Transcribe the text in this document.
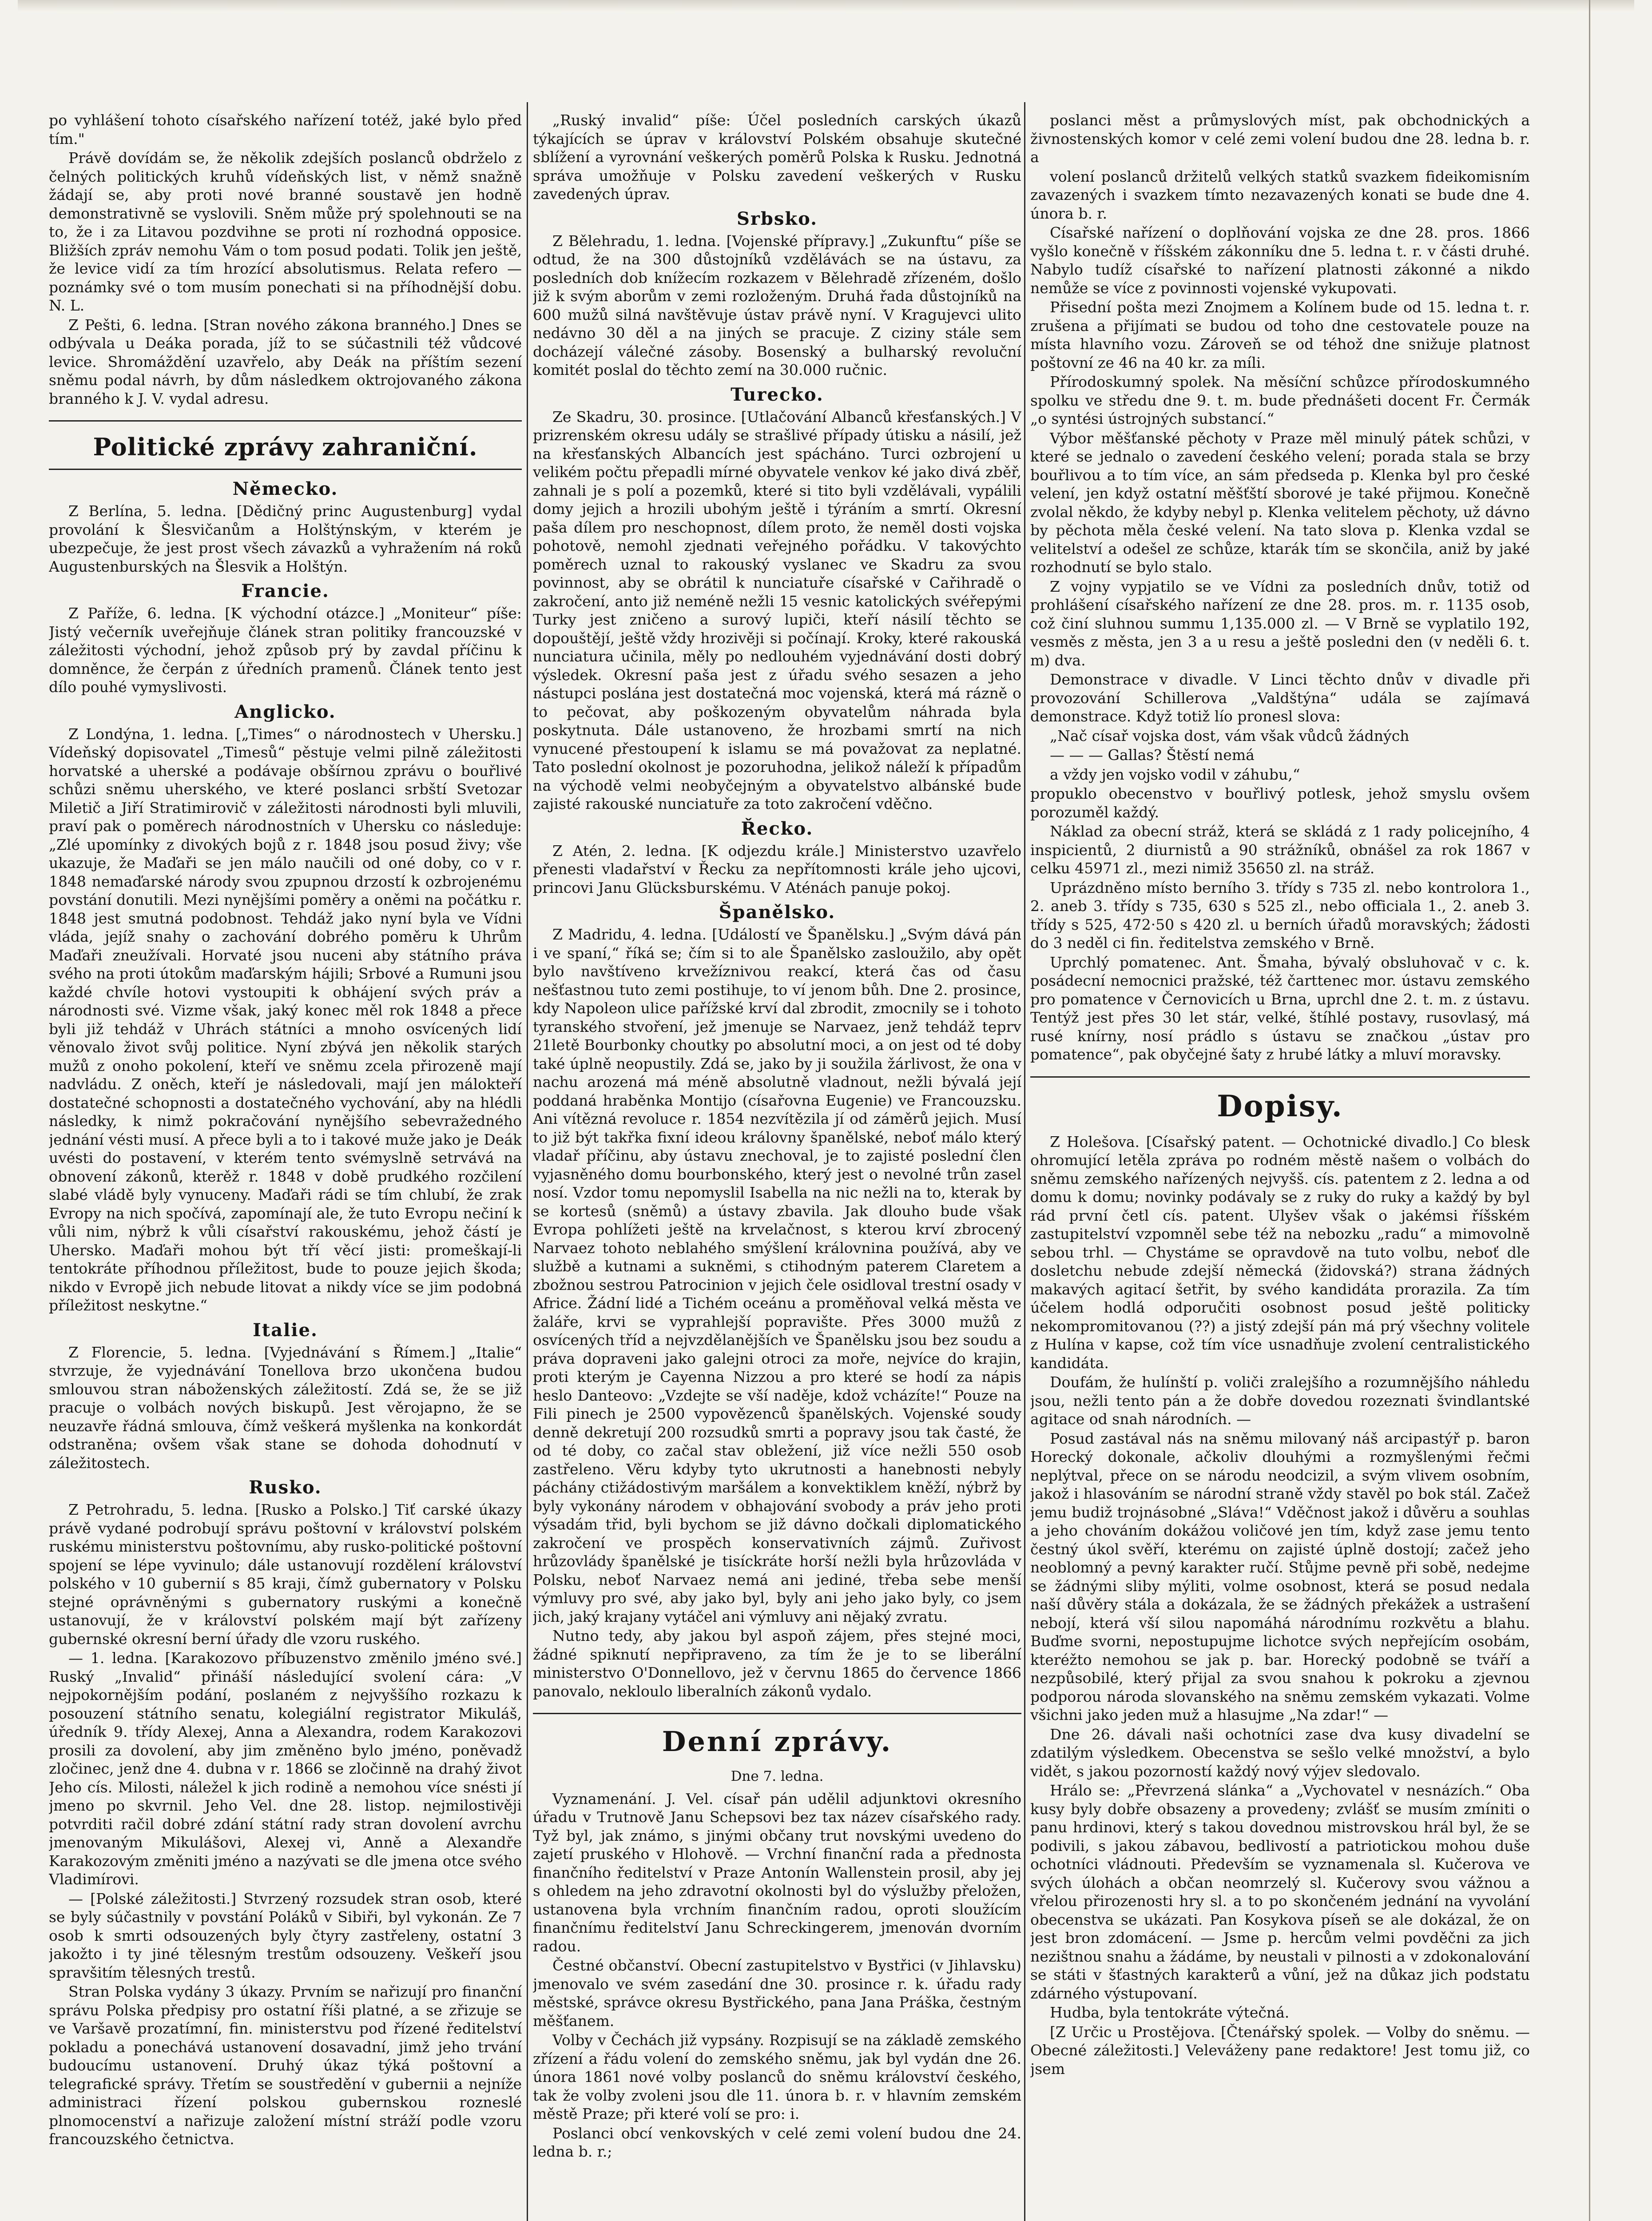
po vyhlášení tohoto císařského nařízení totéž, jaké bylo před tím."

Právě dovídám se, že několik zdejších poslanců obdrželo z čelných politických kruhů vídeňských list, v němž snažně žádají se, aby proti nové branné soustavě jen hodně demonstrativně se vyslovili. Sněm může prý spolehnouti se na to, že i za Litavou pozdvihne se proti ní rozhodná opposice. Bližších zpráv nemohu Vám o tom posud podati. Tolik jen ještě, že levice vidí za tím hrozící absolutismus. Relata refero — poznámky své o tom musím ponechati si na příhodnější dobu. N. L.

Z Pešti, 6. ledna. [Stran nového zákona branného.] Dnes se odbývala u Deáka porada, jíž to se súčastnili též vůdcové levice. Shromáždění uzavřelo, aby Deák na příštím sezení sněmu podal návrh, by dům následkem oktrojovaného zákona branného k J. V. vydal adresu.

Politické zprávy zahraniční.
Německo.

Z Berlína, 5. ledna. [Dědičný princ Augustenburg] vydal provolání k Šlesvičanům a Holštýnským, v kterém je ubezpečuje, že jest prost všech závazků a vyhražením ná roků Augustenburských na Šlesvik a Holštýn.

Francie.

Z Paříže, 6. ledna. [K východní otázce.] „Moniteur“ píše: Jistý večerník uveřejňuje článek stran politiky francouzské v záležitosti východní, jehož způsob prý by zavdal příčinu k domněnce, že čerpán z úředních pramenů. Článek tento jest dílo pouhé vymyslivosti.

Anglicko.

Z Londýna, 1. ledna. [„Times“ o národnostech v Uhersku.] Vídeňský dopisovatel „Timesů“ pěstuje velmi pilně záležitosti horvatské a uherské a podávaje obšírnou zprávu o bouřlivé schůzi sněmu uherského, ve které poslanci srbští Svetozar Miletič a Jiří Stratimirovič v záležitosti národnosti byli mluvili, praví pak o poměrech národnostních v Uhersku co následuje: „Zlé upomínky z divokých bojů z r. 1848 jsou posud živy; vše ukazuje, že Maďaři se jen málo naučili od oné doby, co v r. 1848 nemaďarské národy svou zpupnou drzostí k ozbrojenému povstání donutili. Mezi nynějšími poměry a oněmi na počátku r. 1848 jest smutná podobnost. Tehdáž jako nyní byla ve Vídni vláda, jejíž snahy o zachování dobrého poměru k Uhrům Maďaři zneužívali. Horvaté jsou nuceni aby státního práva svého na proti útokům maďarským hájili; Srbové a Rumuni jsou každé chvíle hotovi vystoupiti k obhájení svých práv a národnosti své. Vizme však, jaký konec měl rok 1848 a přece byli již tehdáž v Uhrách státníci a mnoho osvícených lidí věnovalo život svůj politice. Nyní zbývá jen několik starých mužů z onoho pokolení, kteří ve sněmu zcela přirozeně mají nadvládu. Z oněch, kteří je následovali, mají jen málokteří dostatečné schopnosti a dostatečného vychování, aby na hlédli následky, k nimž pokračování nynějšího sebevražedného jednání vésti musí. A přece byli a to i takové muže jako je Deák uvésti do postavení, v kterém tento svémyslně setrvává na obnovení zákonů, kterěž r. 1848 v době prudkého rozčilení slabé vládě byly vynuceny. Maďaři rádi se tím chlubí, že zrak Evropy na nich spočívá, zapomínají ale, že tuto Evropu nečiní k vůli nim, nýbrž k vůli císařství rakouskému, jehož částí je Uhersko. Maďaři mohou být tří věcí jisti: promeškají-li tentokráte příhodnou příležitost, bude to pouze jejich škoda; nikdo v Evropě jich nebude litovat a nikdy více se jim podobná příležitost neskytne.“

Italie.

Z Florencie, 5. ledna. [Vyjednávání s Římem.] „Italie“ stvrzuje, že vyjednávání Tonellova brzo ukončena budou smlouvou stran náboženských záležitostí. Zdá se, že se již pracuje o volbách nových biskupů. Jest věrojapno, že se neuzavře řádná smlouva, čímž veškerá myšlenka na konkordát odstraněna; ovšem však stane se dohoda dohodnutí v záležitostech.

Rusko.

Z Petrohradu, 5. ledna. [Rusko a Polsko.] Tiť carské úkazy právě vydané podrobují správu poštovní v království polském ruskému ministerstvu poštovnímu, aby rusko-politické poštovní spojení se lépe vyvinulo; dále ustanovují rozdělení království polského v 10 gubernií s 85 kraji, čímž gubernatory v Polsku stejné oprávněnými s gubernatory ruskými a konečně ustanovují, že v království polském mají být zařízeny gubernské okresní berní úřady dle vzoru ruského.

— 1. ledna. [Karakozovo příbuzenstvo změnilo jméno své.] Ruský „Invalid“ přináší následující svolení cára: „V nejpokornějším podání, poslaném z nejvyššího rozkazu k posouzení státního senatu, kolegiální registrator Mikuláš, úředník 9. třídy Alexej, Anna a Alexandra, rodem Karakozovi prosili za dovolení, aby jim změněno bylo jméno, poněvadž zločinec, jenž dne 4. dubna v r. 1866 se zločinně na drahý život Jeho cís. Milosti, náležel k jich rodině a nemohou více snésti jí jmeno po skvrnil. Jeho Vel. dne 28. listop. nejmilostivěji potvrditi račil dobré zdání státní rady stran dovolení avrchu jmenovaným Mikulášovi, Alexej vi, Anně a Alexandře Karakozovým změniti jméno a nazývati se dle jmena otce svého Vladimírovi.

— [Polské záležitosti.] Stvrzený rozsudek stran osob, které se byly súčastnily v povstání Poláků v Sibiři, byl vykonán. Ze 7 osob k smrti odsouzených byly čtyry zastřeleny, ostatní 3 jakožto i ty jiné tělesným trestům odsouzeny. Veškeří jsou spravšitím tělesných trestů.

Stran Polska vydány 3 úkazy. Prvním se nařizují pro finanční správu Polska předpisy pro ostatní říši platné, a se zřizuje se ve Varšavě prozatímní, fin. ministerstvu pod řízené ředitelství pokladu a ponechává ustanovení dosavadní, jimž jeho trvání budoucímu ustanovení. Druhý úkaz týká poštovní a telegrafické správy. Třetím se soustředění v gubernii a nejníže administraci řízení polskou gubernskou rozneslé plnomocenství a nařizuje založení místní stráží podle vzoru francouzského četnictva.

„Ruský invalid“ píše: Účel posledních carských úkazů týkajících se úprav v království Polském obsahuje skutečné sblížení a vyrovnání veškerých poměrů Polska k Rusku. Jednotná správa umožňuje v Polsku zavedení veškerých v Rusku zavedených úprav.

Srbsko.

Z Bělehradu, 1. ledna. [Vojenské přípravy.] „Zukunftu“ píše se odtud, že na 300 důstojníků vzdělávách se na ústavu, za posledních dob knížecím rozkazem v Bělehradě zřízeném, došlo již k svým aborům v zemi rozloženým. Druhá řada důstojníků na 600 mužů silná navštěvuje ústav právě nyní. V Kragujevci ulito nedávno 30 děl a na jiných se pracuje. Z ciziny stále sem docházejí válečné zásoby. Bosenský a bulharský revoluční komitét poslal do těchto zemí na 30.000 ručnic.

Turecko.

Ze Skadru, 30. prosince. [Utlačování Albanců křesťanských.] V prizrenském okresu udály se strašlivé případy útisku a násilí, jež na křesťanských Albancích jest spácháno. Turci ozbrojení u velikém počtu přepadli mírné obyvatele venkov ké jako divá zběř, zahnali je s polí a pozemků, které si tito byli vzdělávali, vypálili domy jejich a hrozili ubohým ještě i týráním a smrtí. Okresní paša dílem pro neschopnost, dílem proto, že neměl dosti vojska pohotově, nemohl zjednati veřejného pořádku. V takovýchto poměrech uznal to rakouský vyslanec ve Skadru za svou povinnost, aby se obrátil k nunciatuře císařské v Cařihradě o zakročení, anto již neméně nežli 15 vesnic katolických svéřepými Turky jest zničeno a surový lupiči, kteří násilí těchto se dopouštějí, ještě vždy hrozivěji si počínají. Kroky, které rakouská nunciatura učinila, měly po nedlouhém vyjednávání dosti dobrý výsledek. Okresní paša jest z úřadu svého sesazen a jeho nástupci poslána jest dostatečná moc vojenská, která má rázně o to pečovat, aby poškozeným obyvatelům náhrada byla poskytnuta. Dále ustanoveno, že hrozbami smrtí na nich vynucené přestoupení k islamu se má považovat za neplatné. Tato poslední okolnost je pozoruhodna, jelikož náleží k případům na východě velmi neobyčejným a obyvatelstvo albánské bude zajisté rakouské nunciatuře za toto zakročení vděčno.

Řecko.

Z Atén, 2. ledna. [K odjezdu krále.] Ministerstvo uzavřelo přenesti vladařství v Řecku za nepřítomnosti krále jeho ujcovi, princovi Janu Glücksburskému. V Aténách panuje pokoj.

Španělsko.

Z Madridu, 4. ledna. [Událostí ve Španělsku.] „Svým dává pán i ve spaní,“ říká se; čím si to ale Španělsko zasloužilo, aby opět bylo navštíveno krvežíznivou reakcí, která čas od času nešťastnou tuto zemi postihuje, to ví jenom bůh. Dne 2. prosince, kdy Napoleon ulice pařížské krví dal zbrodit, zmocnily se i tohoto tyranského stvoření, jež jmenuje se Narvaez, jenž tehdáž teprv 21letě Bourbonky choutky po absolutní moci, a on jest od té doby také úplně neopustily. Zdá se, jako by ji soužila žárlivost, že ona v nachu arozená má méně absolutně vladnout, nežli bývalá její poddaná hraběnka Montijo (císařovna Eugenie) ve Francouzsku. Ani vítězná revoluce r. 1854 nezvítězila jí od záměrů jejich. Musí to již být takřka fixní ideou královny španělské, neboť málo který vladař příčinu, aby ústavu znechoval, je to zajisté poslední člen vyjasněného domu bourbonského, který jest o nevolné trůn zasel nosí. Vzdor tomu nepomyslil Isabella na nic nežli na to, kterak by se kortesů (sněmů) a ústavy zbavila. Jak dlouho bude však Evropa pohlížeti ještě na krvelačnost, s kterou krví zbrocený Narvaez tohoto neblahého smýšlení královnina používá, aby ve službě a kutnami a sukněmi, s ctihodným paterem Claretem a zbožnou sestrou Patrocinion v jejich čele osidloval trestní osady v Africe. Žádní lidé a Tichém oceánu a proměňoval velká města ve žaláře, krvi se vyprahlejší popravište. Přes 3000 mužů z osvícených tříd a nejvzdělanějších ve Španělsku jsou bez soudu a práva dopraveni jako galejni otroci za moře, nejvíce do krajin, proti kterým je Cayenna Nizzou a pro které se hodí za nápis heslo Danteovo: „Vzdejte se vší naděje, kdož vcházíte!“ Pouze na Fili pinech je 2500 vypovězenců španělských. Vojenské soudy denně dekretují 200 rozsudků smrti a popravy jsou tak časté, že od té doby, co začal stav obležení, již více nežli 550 osob zastřeleno. Věru kdyby tyto ukrutnosti a hanebnosti nebyly páchány ctižádostivým maršálem a konvektiklem kněží, nýbrž by byly vykonány národem v obhajování svobody a práv jeho proti výsadám třid, byli bychom se již dávno dočkali diplomatického zakročení ve prospěch konservativních zájmů. Zuřivost hrůzovlády španělské je tisíckráte horší nežli byla hrůzovláda v Polsku, neboť Narvaez nemá ani jediné, třeba sebe menší výmluvy pro své, aby jako byl, byly ani jeho jako byly, co jsem jich, jaký krajany vytáčel ani výmluvy ani nějaký zvratu.

Nutno tedy, aby jakou byl aspoň zájem, přes stejné moci, žádné spiknutí nepřipraveno, za tím že je to se liberální ministerstvo O'Donnellovo, jež v červnu 1865 do července 1866 panovalo, nekloulo liberalních zákonů vydalo.

Denní zprávy.
Dne 7. ledna.

Vyznamenání. J. Vel. císař pán udělil adjunktovi okresního úřadu v Trutnově Janu Schepsovi bez tax název císařského rady. Tyž byl, jak známo, s jinými občany trut novskými uvedeno do zajetí pruského v Hlohově. — Vrchní finanční rada a přednosta finančního ředitelství v Praze Antonín Wallenstein prosil, aby jej s ohledem na jeho zdravotní okolnosti byl do výslužby přeložen, ustanovena byla vrchním finančním radou, oproti sloužícím finančnímu ředitelství Janu Schreckingerem, jmenován dvorním radou.

Čestné občanství. Obecní zastupitelstvo v Bystřici (v Jihlavsku) jmenovalo ve svém zasedání dne 30. prosince r. k. úřadu rady městské, správce okresu Bystřického, pana Jana Práška, čestným měšťanem.

Volby v Čechách již vypsány. Rozpisují se na základě zemského zřízení a řádu volení do zemského sněmu, jak byl vydán dne 26. února 1861 nové volby poslanců do sněmu království českého, tak že volby zvoleni jsou dle 11. února b. r. v hlavním zemském městě Praze; při které volí se pro: i.

Poslanci obcí venkovských v celé zemi volení budou dne 24. ledna b. r.;

poslanci měst a průmyslových míst, pak obchodnických a živnostenských komor v celé zemi volení budou dne 28. ledna b. r. a

volení poslanců držitelů velkých statků svazkem fideikomisním zavazených i svazkem tímto nezavazených konati se bude dne 4. února b. r.

Císařské nařízení o doplňování vojska ze dne 28. pros. 1866 vyšlo konečně v říšském zákonníku dne 5. ledna t. r. v části druhé. Nabylo tudíž císařské to nařízení platnosti zákonné a nikdo nemůže se více z povinnosti vojenské vykupovati.

Přisední pošta mezi Znojmem a Kolínem bude od 15. ledna t. r. zrušena a přijímati se budou od toho dne cestovatele pouze na místa hlavního vozu. Zároveň se od téhož dne snižuje platnost poštovní ze 46 na 40 kr. za míli.

Přírodoskumný spolek. Na měsíční schůzce přírodoskumného spolku ve středu dne 9. t. m. bude přednášeti docent Fr. Čermák „o syntési ústrojných substancí.“

Výbor měšťanské pěchoty v Praze měl minulý pátek schůzi, v které se jednalo o zavedení českého velení; porada stala se brzy bouřlivou a to tím více, an sám předseda p. Klenka byl pro české velení, jen když ostatní měšťští sborové je také přijmou. Konečně zvolal někdo, že kdyby nebyl p. Klenka velitelem pěchoty, už dávno by pěchota měla české velení. Na tato slova p. Klenka vzdal se velitelství a odešel ze schůze, ktarák tím se skončila, aniž by jaké rozhodnutí se bylo stalo.

Z vojny vypjatilo se ve Vídni za posledních dnův, totiž od prohlášení císařského nařízení ze dne 28. pros. m. r. 1135 osob, což činí sluhnou summu 1,135.000 zl. — V Brně se vyplatilo 192, vesměs z města, jen 3 a u resu a ještě posledni den (v neděli 6. t. m) dva.

Demonstrace v divadle. V Linci těchto dnův v divadle při provozování Schillerova „Valdštýna“ udála se zajímavá demonstrace. Když totiž lío pronesl slova:

„Nač císař vojska dost, vám však vůdců žádných

— — — Gallas? Štěstí nemá

a vždy jen vojsko vodil v záhubu,“

propuklo obecenstvo v bouřlivý potlesk, jehož smyslu ovšem porozuměl každý.

Náklad za obecní stráž, která se skládá z 1 rady policejního, 4 inspicientů, 2 diurnistů a 90 strážníků, obnášel za rok 1867 v celku 45971 zl., mezi nimiž 35650 zl. na stráž.

Uprázdněno místo berního 3. třídy s 735 zl. nebo kontrolora 1., 2. aneb 3. třídy s 735, 630 s 525 zl., nebo officiala 1., 2. aneb 3. třídy s 525, 472·50 s 420 zl. u berních úřadů moravských; žádosti do 3 neděl ci fin. ředitelstva zemského v Brně.

Uprchlý pomatenec. Ant. Šmaha, bývalý obsluhovač v c. k. posádecní nemocnici pražské, též čarttenec mor. ústavu zemského pro pomatence v Černovicích u Brna, uprchl dne 2. t. m. z ústavu. Tentýž jest přes 30 let stár, velké, štíhlé postavy, rusovlasý, má rusé knírny, nosí prádlo s ústavu se značkou „ústav pro pomatence“, pak obyčejné šaty z hrubé látky a mluví moravsky.

Dopisy.

Z Holešova. [Císařský patent. — Ochotnické divadlo.] Co blesk ohromující letěla zpráva po rodném městě našem o volbách do sněmu zemského nařízených nejvyšš. cís. patentem z 2. ledna a od domu k domu; novinky podávaly se z ruky do ruky a každý by byl rád první četl cís. patent. Ulyšev však o jakémsi říšském zastupitelství vzpomněl sebe též na nebozku „radu“ a mimovolně sebou trhl. — Chystáme se opravdově na tuto volbu, neboť dle dosletchu nebude zdejší německá (židovská?) strana žádných makavých agitací šetřit, by svého kandidáta prorazila. Za tím účelem hodlá odporučiti osobnost posud ještě politicky nekompromitovanou (??) a jistý zdejší pán má prý všechny volitele z Hulína v kapse, což tím více usnadňuje zvolení centralistického kandidáta.

Doufám, že hulínští p. voliči zralejšího a rozumnějšího náhledu jsou, nežli tento pán a že dobře dovedou rozeznati švindlantské agitace od snah národních. —

Posud zastával nás na sněmu milovaný náš arcipastýř p. baron Horecký dokonale, ačkoliv dlouhými a rozmyšlenými řečmi neplýtval, přece on se národu neodcizil, a svým vlivem osobním, jakož i hlasováním se národní straně vždy stavěl po bok stál. Začež jemu budiž trojnásobné „Sláva!“ Vděčnost jakož i důvěru a souhlas a jeho chováním dokážou voličové jen tím, když zase jemu tento čestný úkol svěří, kterému on zajisté úplně dostojí; začež jeho neoblomný a pevný karakter ručí. Stůjme pevně při sobě, nedejme se žádnými sliby mýliti, volme osobnost, která se posud nedala naší důvěry stála a dokázala, že se žádných překážek a ustrašení nebojí, která vší silou napomáhá národnímu rozkvětu a blahu. Buďme svorni, nepostupujme lichotce svých nepřejícím osobám, kteréžto nemohou se jak p. bar. Horecký podobně se tváří a nezpůsobilé, který přijal za svou snahou k pokroku a zjevnou podporou národa slovanského na sněmu zemském vykazati. Volme všichni jako jeden muž a hlasujme „Na zdar!“ —

Dne 26. dávali naši ochotníci zase dva kusy divadelní se zdatilým výsledkem. Obecenstva se sešlo velké množství, a bylo vidět, s jakou pozorností každý nový výjev sledovalo.

Hrálo se: „Převrzená slánka“ a „Vychovatel v nesnázích.“ Oba kusy byly dobře obsazeny a provedeny; zvlášť se musím zmíniti o panu hrdinovi, který s takou dovednou mistrovskou hrál byl, že se podivili, s jakou zábavou, bedlivostí a patriotickou mohou duše ochotníci vládnouti. Především se vyznamenala sl. Kučerova ve svých úlohách a občan neomrzelý sl. Kučerovy svou vážnou a vřelou přirozenosti hry sl. a to po skončeném jednání na vyvolání obecenstva se ukázati. Pan Kosykova píseň se ale dokázal, že on jest bron zdomácení. — Jsme p. hercům velmi povděčni za jich nezištnou snahu a žádáme, by neustali v pilnosti a v zdokonalování se státi v šťastných karakterů a vůní, jež na důkaz jich podstatu zdárného výstupovaní.

Hudba, byla tentokráte výtečná.

[Z Určic u Prostějova. [Čtenářský spolek. — Volby do sněmu. — Obecné záležitosti.] Veleváženy pane redaktore! Jest tomu již, co jsem
